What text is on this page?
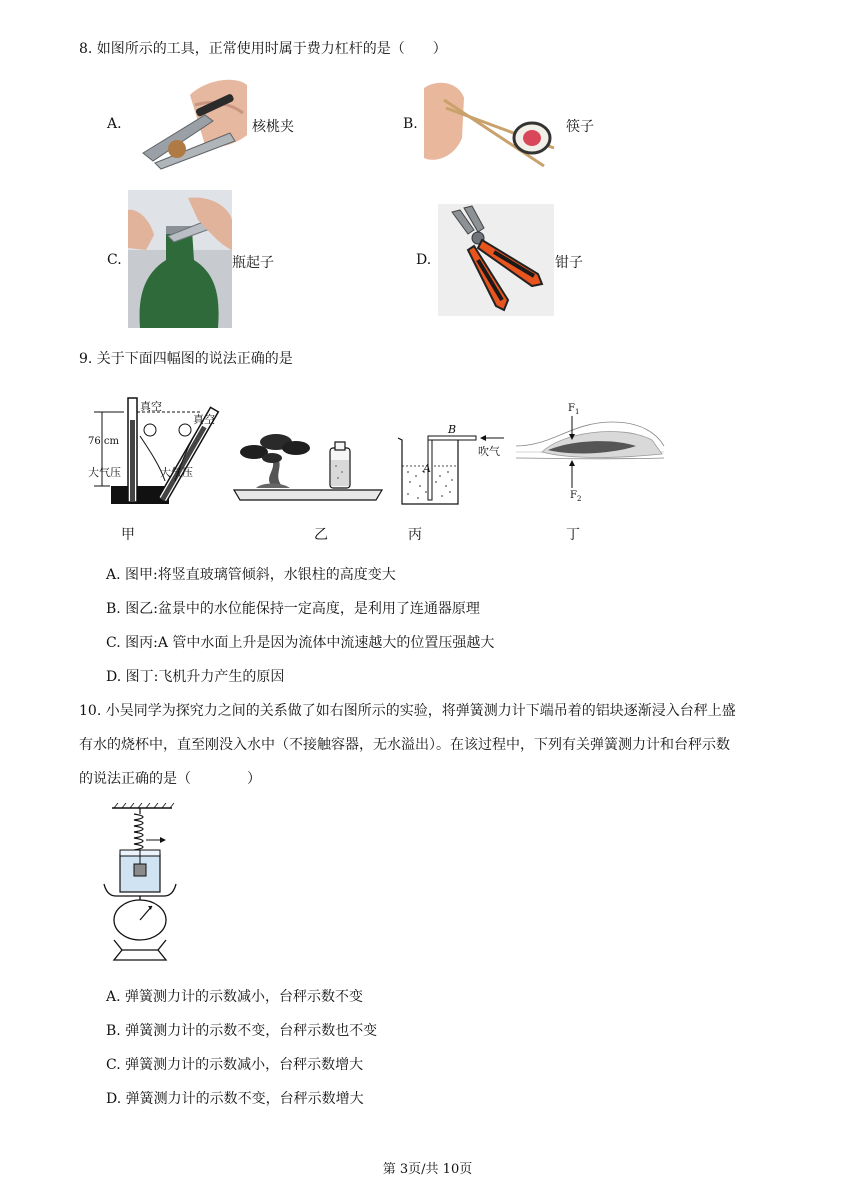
8. 如图所示的工具，正常使用时属于费力杠杆的是（　　）
A.	核桃夹	B.	筷子
C.	瓶起子	D.	钳子
9. 关于下面四幅图的说法正确的是
真空
真空
76 cm
大气压	大气压
甲	乙
B
A
吹气
丙
$F_1$
$F_2$
丁
A. 图甲:将竖直玻璃管倾斜，水银柱的高度变大
B. 图乙:盆景中的水位能保持一定高度，是利用了连通器原理
C. 图丙:A 管中水面上升是因为流体中流速越大的位置压强越大
D. 图丁:飞机升力产生的原因
10. 小吴同学为探究力之间的关系做了如右图所示的实验，将弹簧测力计下端吊着的铝块逐渐浸入台秤上盛
有水的烧杯中，直至刚没入水中（不接触容器，无水溢出）。在该过程中，下列有关弹簧测力计和台秤示数
的说法正确的是（　　　　）
A. 弹簧测力计的示数减小，台秤示数不变
B. 弹簧测力计的示数不变，台秤示数也不变
C. 弹簧测力计的示数减小，台秤示数增大
D. 弹簧测力计的示数不变，台秤示数增大
第 3页/共 10页
